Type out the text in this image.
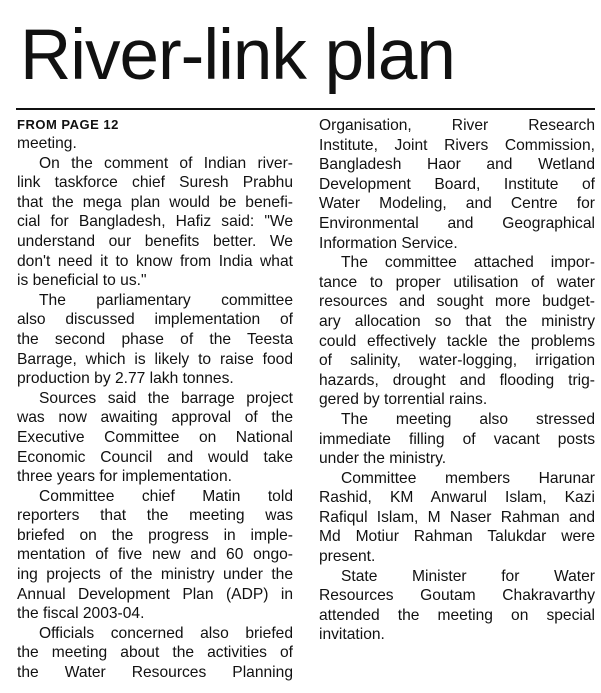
River-link plan
FROM PAGE 12
meeting.
On the comment of Indian river-
link taskforce chief Suresh Prabhu
that the mega plan would be benefi-
cial for Bangladesh, Hafiz said: "We
understand our benefits better. We
don't need it to know from India what
is beneficial to us."
The parliamentary committee
also discussed implementation of
the second phase of the Teesta
Barrage, which is likely to raise food
production by 2.77 lakh tonnes.
Sources said the barrage project
was now awaiting approval of the
Executive Committee on National
Economic Council and would take
three years for implementation.
Committee chief Matin told
reporters that the meeting was
briefed on the progress in imple-
mentation of five new and 60 ongo-
ing projects of the ministry under the
Annual Development Plan (ADP) in
the fiscal 2003-04.
Officials concerned also briefed
the meeting about the activities of
the Water Resources Planning
Organisation, River Research
Institute, Joint Rivers Commission,
Bangladesh Haor and Wetland
Development Board, Institute of
Water Modeling, and Centre for
Environmental and Geographical
Information Service.
The committee attached impor-
tance to proper utilisation of water
resources and sought more budget-
ary allocation so that the ministry
could effectively tackle the problems
of salinity, water-logging, irrigation
hazards, drought and flooding trig-
gered by torrential rains.
The meeting also stressed
immediate filling of vacant posts
under the ministry.
Committee members Harunar
Rashid, KM Anwarul Islam, Kazi
Rafiqul Islam, M Naser Rahman and
Md Motiur Rahman Talukdar were
present.
State Minister for Water
Resources Goutam Chakravarthy
attended the meeting on special
invitation.
